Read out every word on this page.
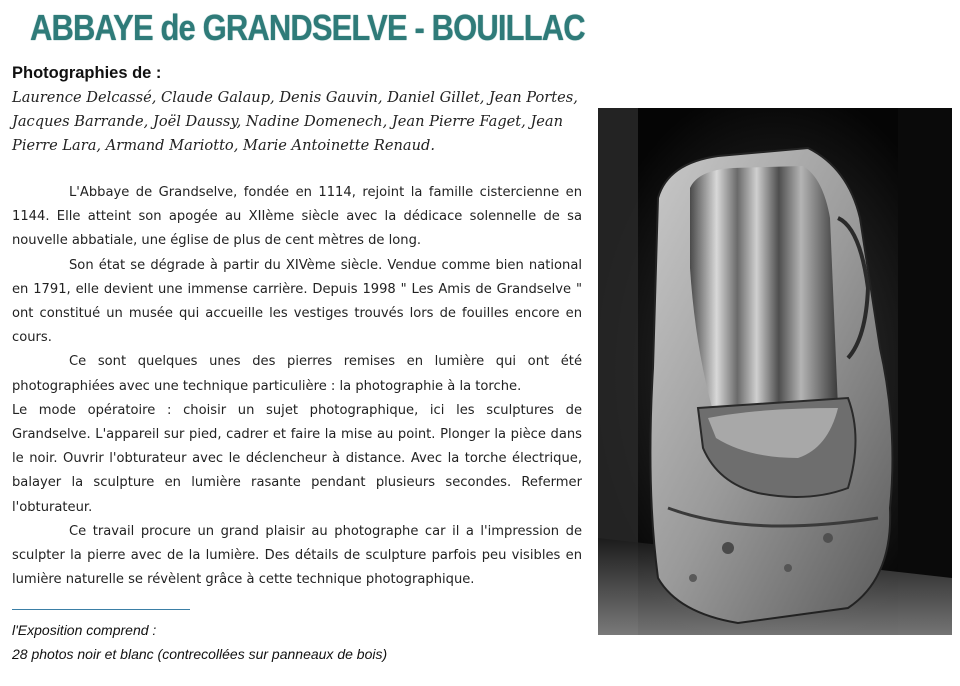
ABBAYE de GRANDSELVE - BOUILLAC
Photographies de :
Laurence Delcassé, Claude Galaup, Denis Gauvin, Daniel Gillet, Jean Portes, Jacques Barrande, Joël Daussy, Nadine Domenech, Jean Pierre Faget, Jean Pierre Lara, Armand Mariotto, Marie Antoinette Renaud.

L'Abbaye de Grandselve, fondée en 1114, rejoint la famille cistercienne en 1144. Elle atteint son apogée au XIIème siècle avec la dédicace solennelle de sa nouvelle abbatiale, une église de plus de cent mètres de long.

Son état se dégrade à partir du XIVème siècle. Vendue comme bien national en 1791, elle devient une immense carrière. Depuis 1998 " Les Amis de Grandselve " ont constitué un musée qui accueille les vestiges trouvés lors de fouilles encore en cours.

Ce sont quelques unes des pierres remises en lumière qui ont été photographiées avec une technique particulière : la photographie à la torche.

Le mode opératoire : choisir un sujet photographique, ici les sculptures de Grandselve. L'appareil sur pied, cadrer et faire la mise au point. Plonger la pièce dans le noir. Ouvrir l'obturateur avec le déclencheur à distance. Avec la torche électrique, balayer la sculpture en lumière rasante pendant plusieurs secondes. Refermer l'obturateur.

Ce travail procure un grand plaisir au photographe car il a l'impression de sculpter la pierre avec de la lumière. Des détails de sculpture parfois peu visibles en lumière naturelle se révèlent grâce à cette technique photographique.

l'Exposition comprend :
28 photos noir et blanc (contrecollées sur panneaux de bois)
